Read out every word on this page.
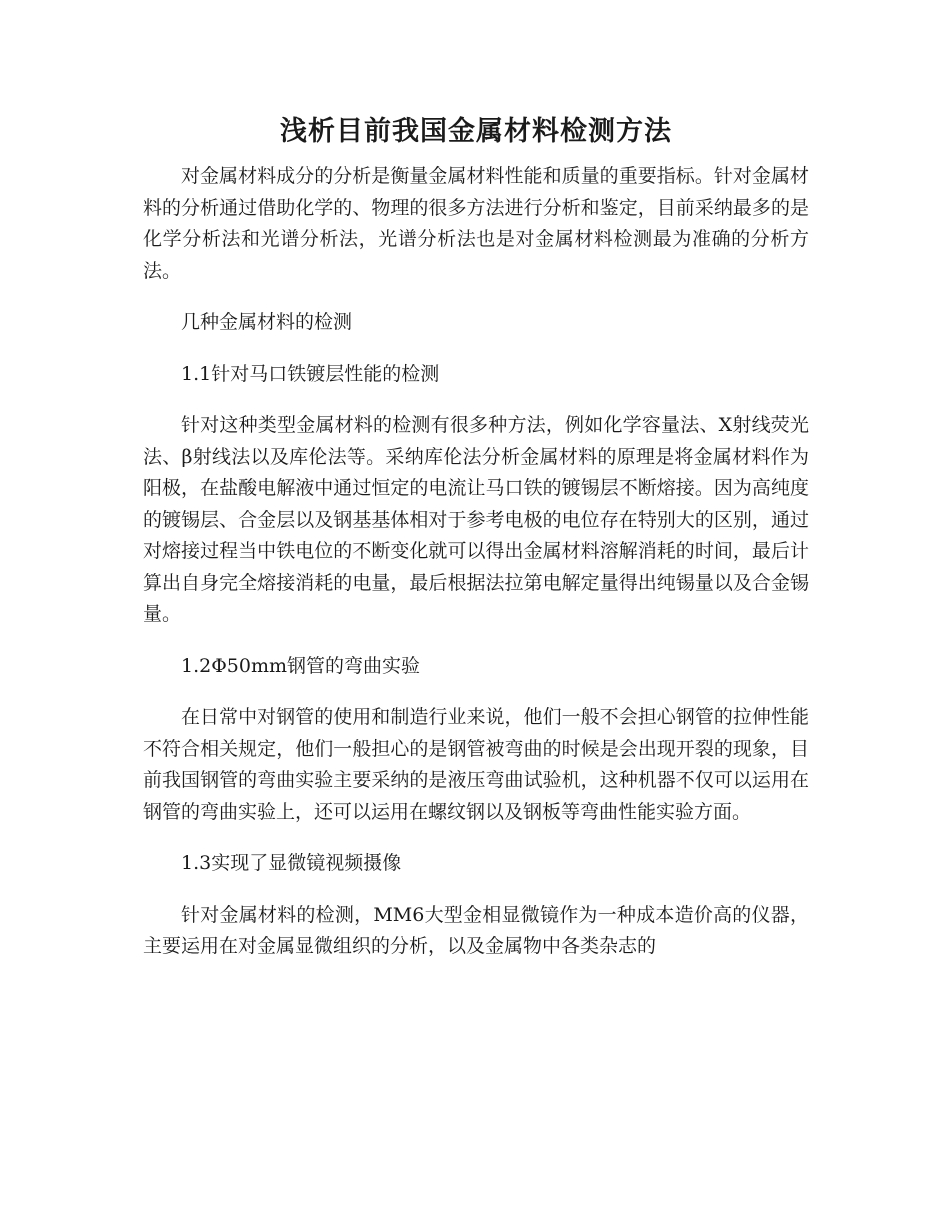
浅析目前我国金属材料检测方法

对金属材料成分的分析是衡量金属材料性能和质量的重要指标。针对金属材料的分析通过借助化学的、物理的很多方法进行分析和鉴定，目前采纳最多的是化学分析法和光谱分析法，光谱分析法也是对金属材料检测最为准确的分析方法。

几种金属材料的检测

1.1针对马口铁镀层性能的检测

针对这种类型金属材料的检测有很多种方法，例如化学容量法、X射线荧光法、β射线法以及库伦法等。采纳库伦法分析金属材料的原理是将金属材料作为阳极，在盐酸电解液中通过恒定的电流让马口铁的镀锡层不断熔接。因为高纯度的镀锡层、合金层以及钢基基体相对于参考电极的电位存在特别大的区别，通过对熔接过程当中铁电位的不断变化就可以得出金属材料溶解消耗的时间，最后计算出自身完全熔接消耗的电量，最后根据法拉第电解定量得出纯锡量以及合金锡量。

1.2Φ50mm钢管的弯曲实验

在日常中对钢管的使用和制造行业来说，他们一般不会担心钢管的拉伸性能不符合相关规定，他们一般担心的是钢管被弯曲的时候是会出现开裂的现象，目前我国钢管的弯曲实验主要采纳的是液压弯曲试验机，这种机器不仅可以运用在钢管的弯曲实验上，还可以运用在螺纹钢以及钢板等弯曲性能实验方面。

1.3实现了显微镜视频摄像

针对金属材料的检测，MM6大型金相显微镜作为一种成本造价高的仪器，主要运用在对金属显微组织的分析，以及金属物中各类杂志的
